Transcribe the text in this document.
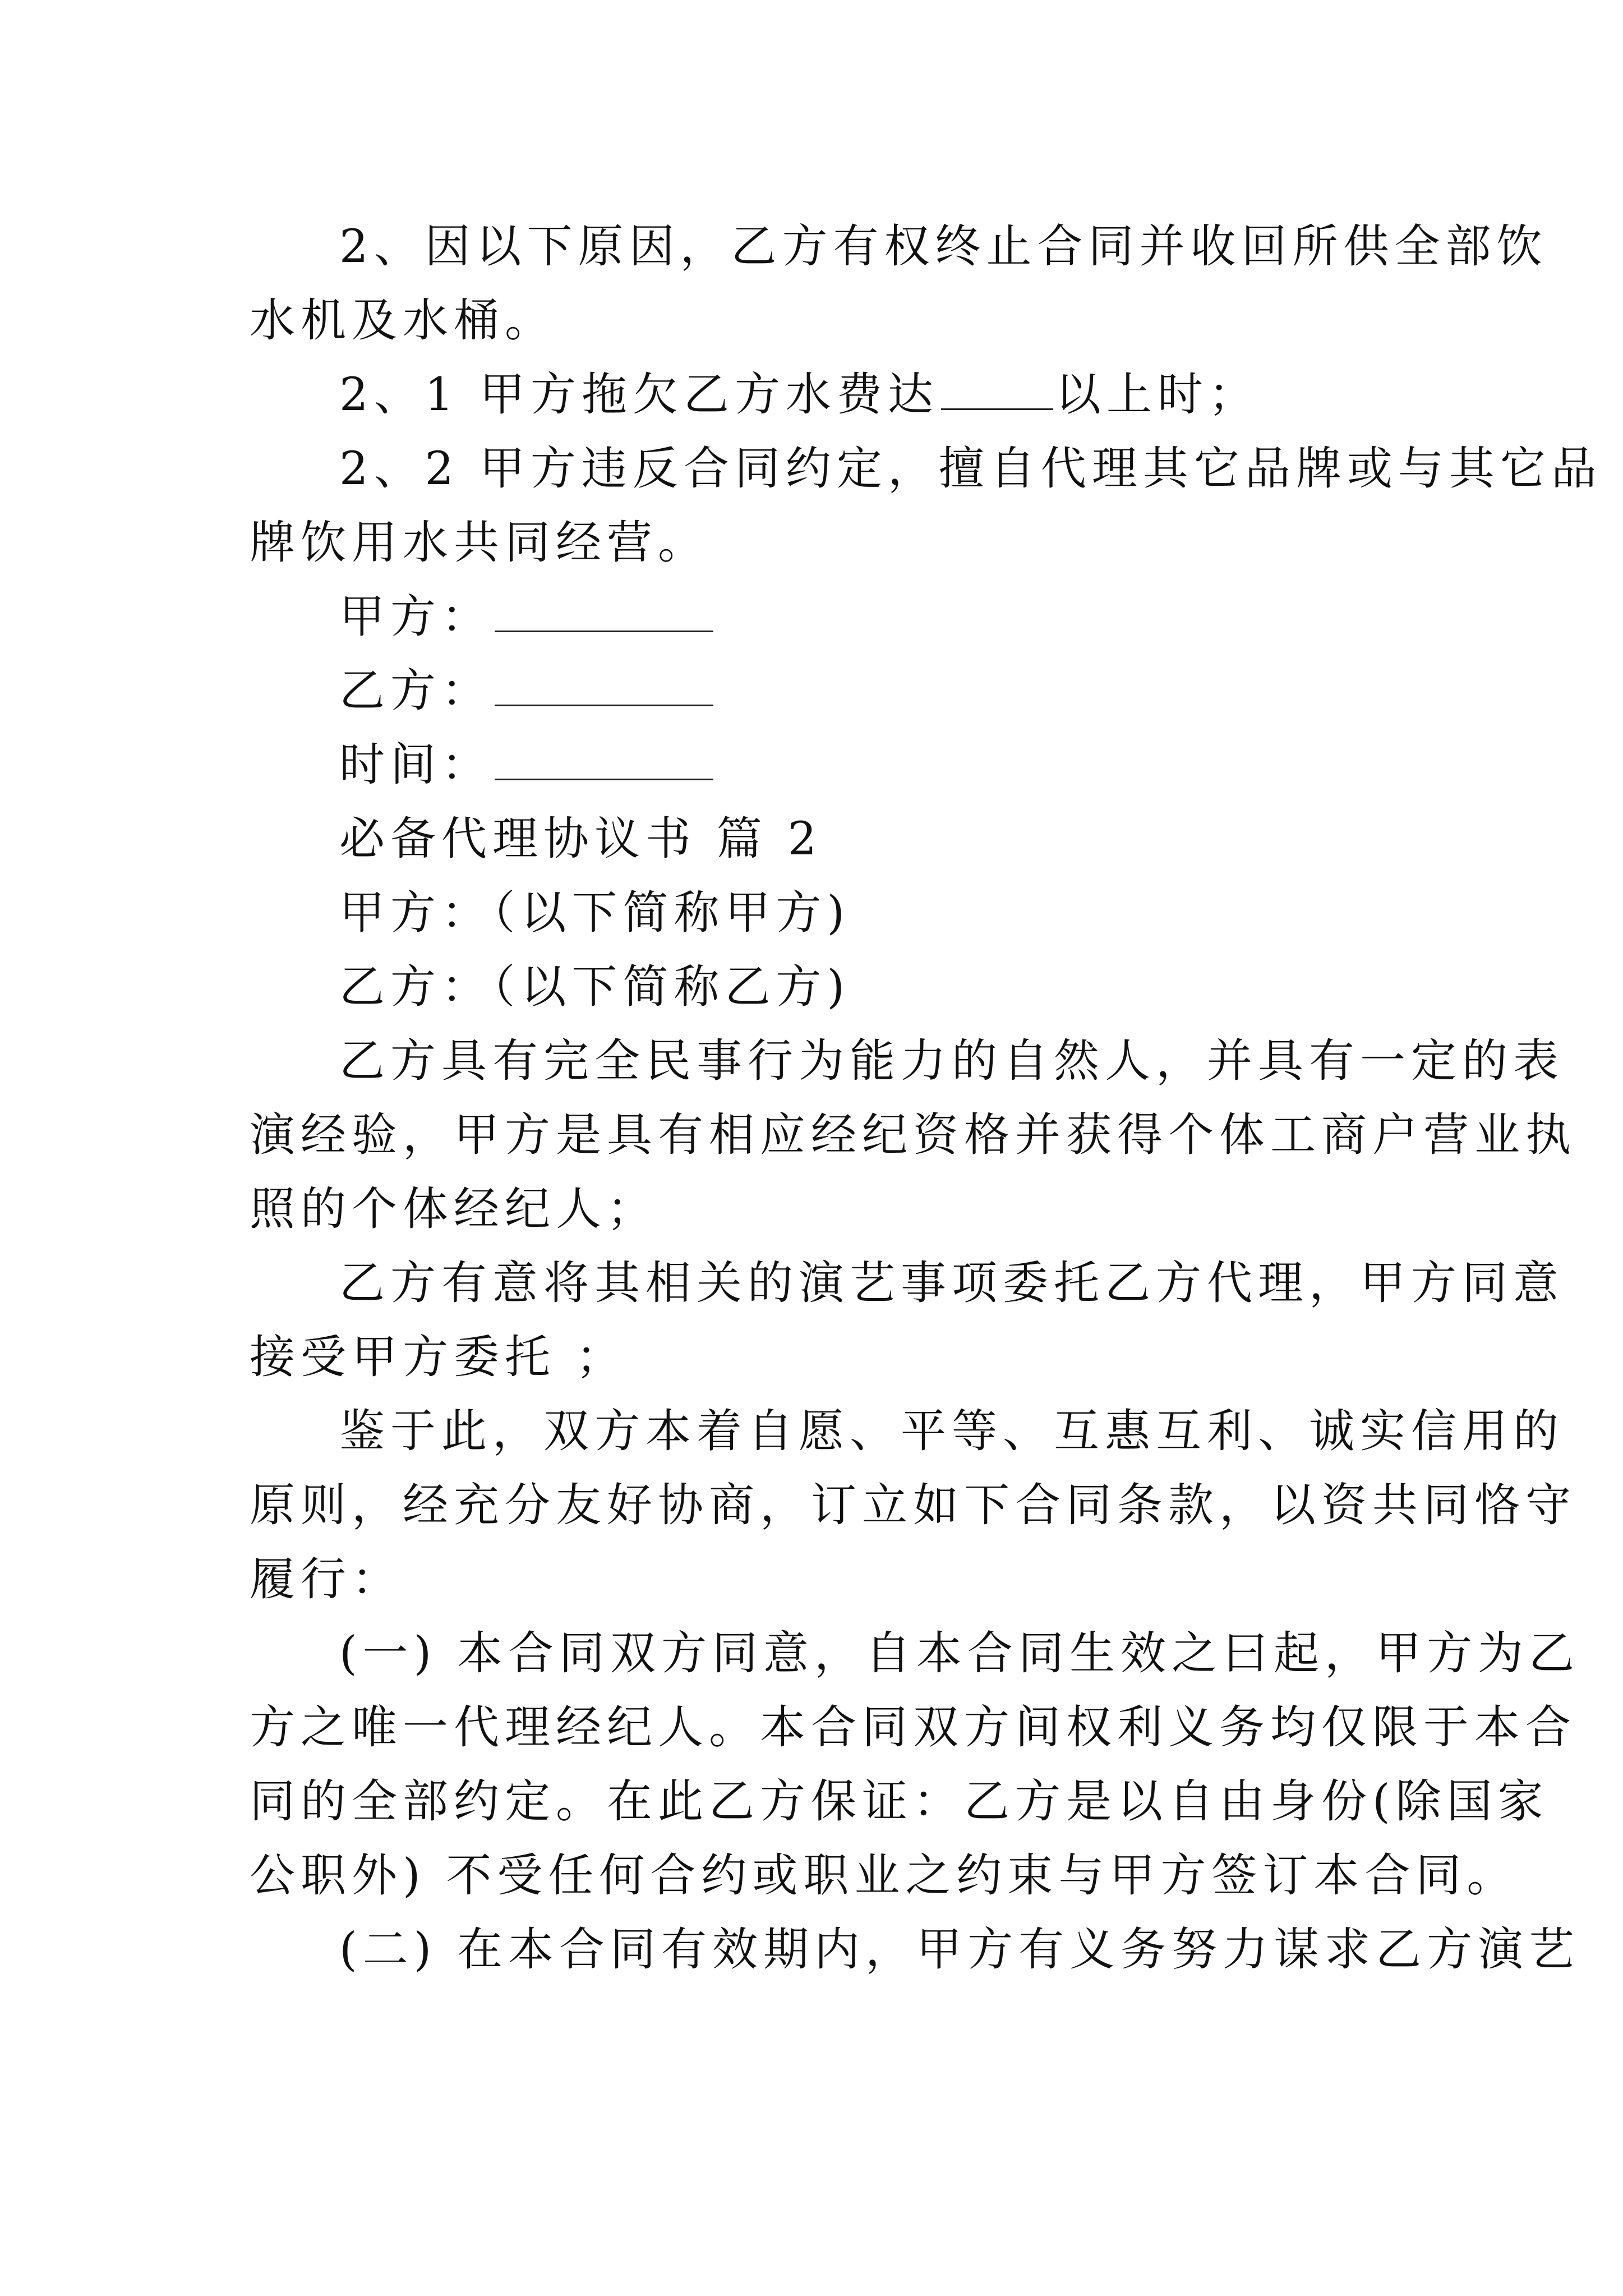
2、因以下原因，乙方有权终止合同并收回所供全部饮
水机及水桶。
2、1 甲方拖欠乙方水费达	以上时；
2、2 甲方违反合同约定，擅自代理其它品牌或与其它品
牌饮用水共同经营。
甲方：
乙方：
时间：
必备代理协议书 篇 2
甲方：（以下简称甲方)
乙方：（以下简称乙方)
乙方具有完全民事行为能力的自然人，并具有一定的表
演经验，甲方是具有相应经纪资格并获得个体工商户营业执
照的个体经纪人；
乙方有意将其相关的演艺事项委托乙方代理，甲方同意
接受甲方委托 ；
鉴于此，双方本着自愿、平等、互惠互利、诚实信用的
原则，经充分友好协商，订立如下合同条款，以资共同恪守
履行：
(一) 本合同双方同意，自本合同生效之曰起，甲方为乙
方之唯一代理经纪人。本合同双方间权利义务均仅限于本合
同的全部约定。在此乙方保证：乙方是以自由身份(除国家
公职外) 不受任何合约或职业之约束与甲方签订本合同。
(二) 在本合同有效期内，甲方有义务努力谋求乙方演艺
